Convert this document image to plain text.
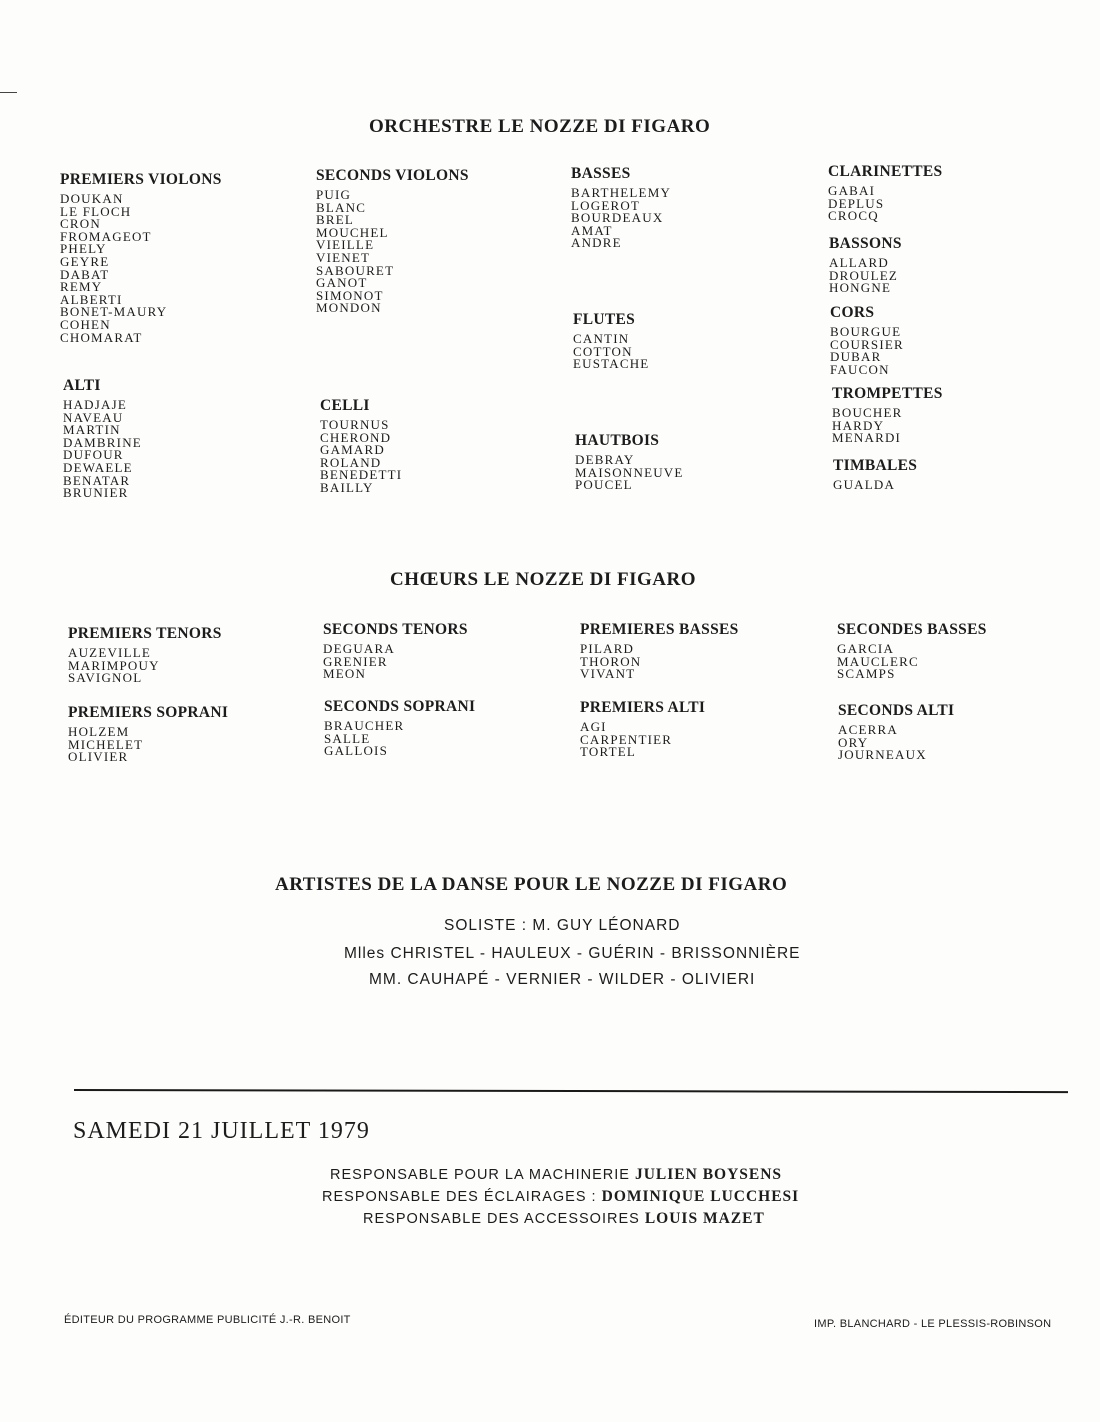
ORCHESTRE LE NOZZE DI FIGARO
PREMIERS VIOLONS
DOUKAN
LE FLOCH
CRON
FROMAGEOT
PHELY
GEYRE
DABAT
REMY
ALBERTI
BONET-MAURY
COHEN
CHOMARAT
ALTI
HADJAJE
NAVEAU
MARTIN
DAMBRINE
DUFOUR
DEWAELE
BENATAR
BRUNIER
SECONDS VIOLONS
PUIG
BLANC
BREL
MOUCHEL
VIEILLE
VIENET
SABOURET
GANOT
SIMONOT
MONDON
CELLI
TOURNUS
CHEROND
GAMARD
ROLAND
BENEDETTI
BAILLY
BASSES
BARTHELEMY
LOGEROT
BOURDEAUX
AMAT
ANDRE
FLUTES
CANTIN
COTTON
EUSTACHE
HAUTBOIS
DEBRAY
MAISONNEUVE
POUCEL
CLARINETTES
GABAI
DEPLUS
CROCQ
BASSONS
ALLARD
DROULEZ
HONGNE
CORS
BOURGUE
COURSIER
DUBAR
FAUCON
TROMPETTES
BOUCHER
HARDY
MENARDI
TIMBALES
GUALDA
CHŒURS LE NOZZE DI FIGARO
PREMIERS TENORS
AUZEVILLE
MARIMPOUY
SAVIGNOL
SECONDS TENORS
DEGUARA
GRENIER
MEON
PREMIERES BASSES
PILARD
THORON
VIVANT
SECONDES BASSES
GARCIA
MAUCLERC
SCAMPS
PREMIERS SOPRANI
HOLZEM
MICHELET
OLIVIER
SECONDS SOPRANI
BRAUCHER
SALLE
GALLOIS
PREMIERS ALTI
AGI
CARPENTIER
TORTEL
SECONDS ALTI
ACERRA
ORY
JOURNEAUX
ARTISTES DE LA DANSE POUR LE NOZZE DI FIGARO
SOLISTE : M. GUY LÉONARD
Mlles CHRISTEL - HAULEUX - GUÉRIN - BRISSONNIÈRE
MM. CAUHAPÉ - VERNIER - WILDER - OLIVIERI
SAMEDI 21 JUILLET 1979
RESPONSABLE POUR LA MACHINERIE JULIEN BOYSENS
RESPONSABLE DES ÉCLAIRAGES : DOMINIQUE LUCCHESI
RESPONSABLE DES ACCESSOIRES LOUIS MAZET
ÉDITEUR DU PROGRAMME PUBLICITÉ J.-R. BENOIT	IMP. BLANCHARD - LE PLESSIS-ROBINSON
